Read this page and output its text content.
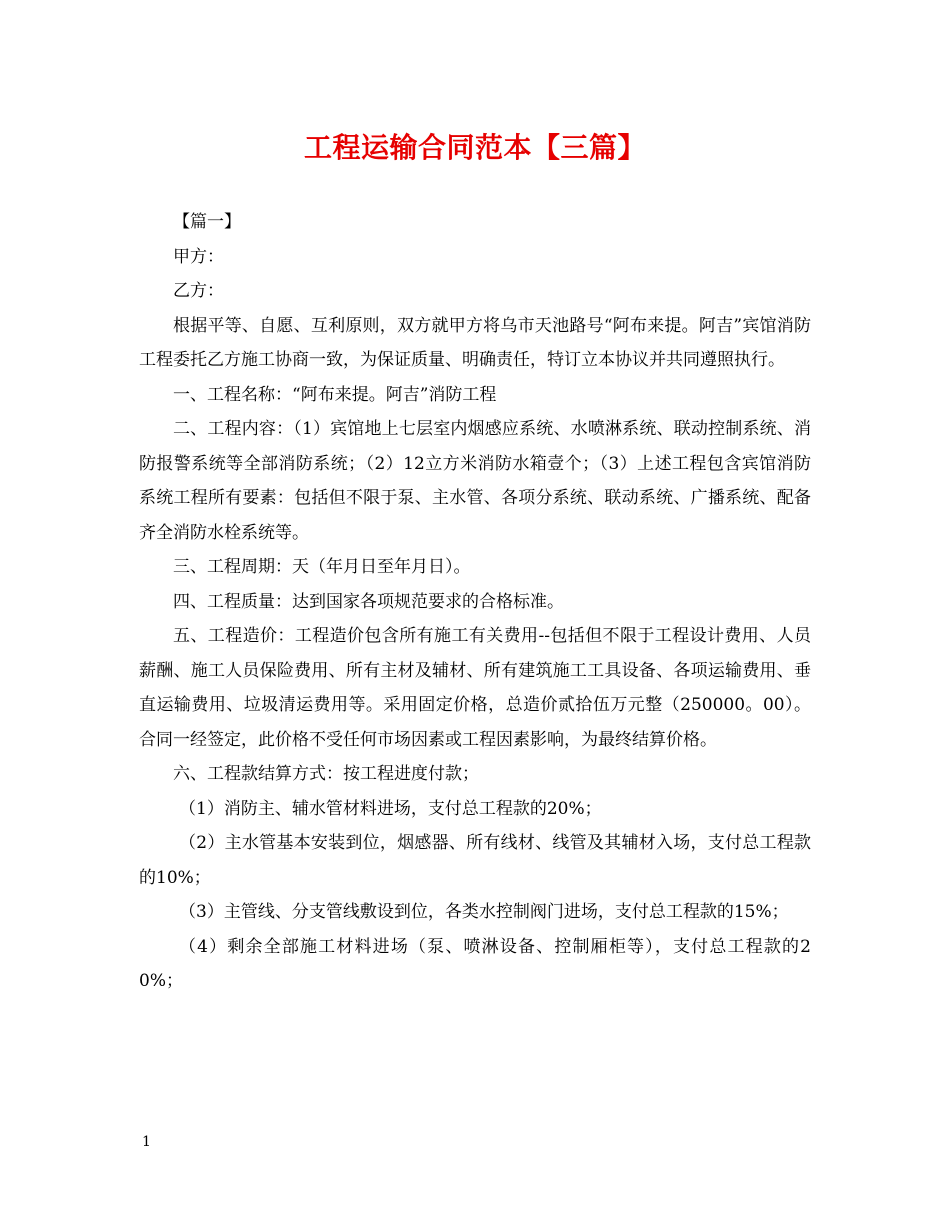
工程运输合同范本【三篇】

【篇一】

甲方：

乙方：

根据平等、自愿、互利原则，双方就甲方将乌市天池路号“阿布来提。阿吉”宾馆消防工程委托乙方施工协商一致，为保证质量、明确责任，特订立本协议并共同遵照执行。

一、工程名称：“阿布来提。阿吉”消防工程

二、工程内容：（1）宾馆地上七层室内烟感应系统、水喷淋系统、联动控制系统、消防报警系统等全部消防系统；（2）12立方米消防水箱壹个；（3）上述工程包含宾馆消防系统工程所有要素：包括但不限于泵、主水管、各项分系统、联动系统、广播系统、配备齐全消防水栓系统等。

三、工程周期：天（年月日至年月日）。

四、工程质量：达到国家各项规范要求的合格标准。

五、工程造价：工程造价包含所有施工有关费用--包括但不限于工程设计费用、人员薪酬、施工人员保险费用、所有主材及辅材、所有建筑施工工具设备、各项运输费用、垂直运输费用、垃圾清运费用等。采用固定价格，总造价贰拾伍万元整（250000。00）。合同一经签定，此价格不受任何市场因素或工程因素影响，为最终结算价格。

六、工程款结算方式：按工程进度付款；

（1）消防主、辅水管材料进场，支付总工程款的20%；

（2）主水管基本安装到位，烟感器、所有线材、线管及其辅材入场，支付总工程款的10%；

（3）主管线、分支管线敷设到位，各类水控制阀门进场，支付总工程款的15%；

（4）剩余全部施工材料进场（泵、喷淋设备、控制厢柜等），支付总工程款的20%；

1
